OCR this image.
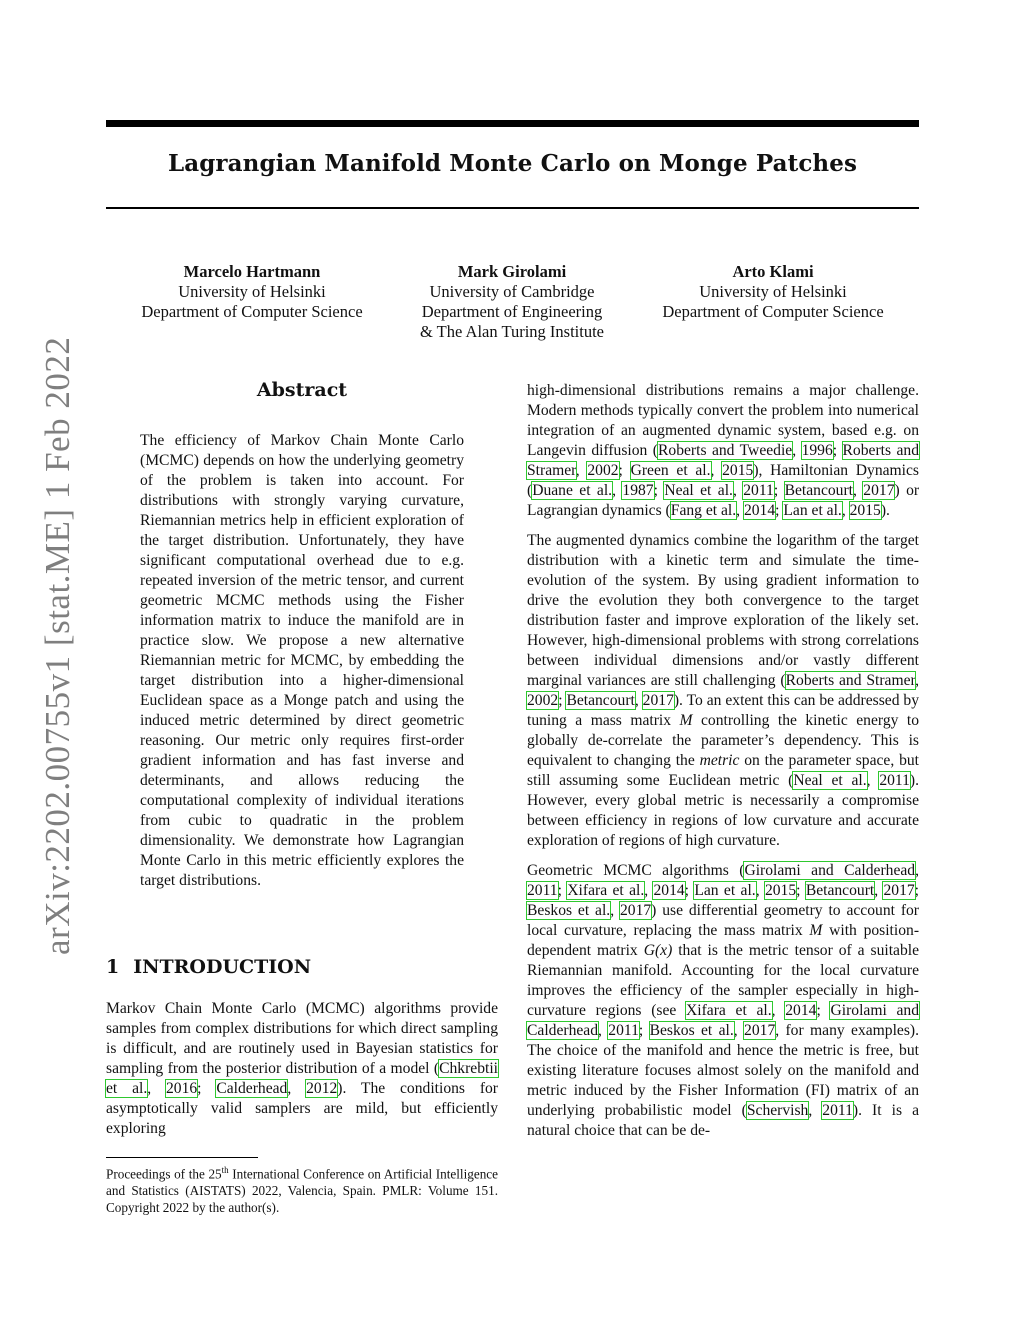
Lagrangian Manifold Monte Carlo on Monge Patches
arXiv:2202.00755v1 [stat.ME] 1 Feb 2022
Marcelo Hartmann
University of Helsinki
Department of Computer Science
Mark Girolami
University of Cambridge
Department of Engineering
& The Alan Turing Institute
Arto Klami
University of Helsinki
Department of Computer Science
Abstract
The efficiency of Markov Chain Monte Carlo (MCMC) depends on how the underlying geometry of the problem is taken into account. For distributions with strongly varying curvature, Riemannian metrics help in efficient exploration of the target distribution. Unfortunately, they have significant computational overhead due to e.g. repeated inversion of the metric tensor, and current geometric MCMC methods using the Fisher information matrix to induce the manifold are in practice slow. We propose a new alternative Riemannian metric for MCMC, by embedding the target distribution into a higher-dimensional Euclidean space as a Monge patch and using the induced metric determined by direct geometric reasoning. Our metric only requires first-order gradient information and has fast inverse and determinants, and allows reducing the computational complexity of individual iterations from cubic to quadratic in the problem dimensionality. We demonstrate how Lagrangian Monte Carlo in this metric efficiently explores the target distributions.
1 INTRODUCTION
Markov Chain Monte Carlo (MCMC) algorithms provide samples from complex distributions for which direct sampling is difficult, and are routinely used in Bayesian statistics for sampling from the posterior distribution of a model (Chkrebtii et al., 2016; Calderhead, 2012). The conditions for asymptotically valid samplers are mild, but efficiently exploring
Proceedings of the 25th International Conference on Artificial Intelligence and Statistics (AISTATS) 2022, Valencia, Spain. PMLR: Volume 151. Copyright 2022 by the author(s).

high-dimensional distributions remains a major challenge. Modern methods typically convert the problem into numerical integration of an augmented dynamic system, based e.g. on Langevin diffusion (Roberts and Tweedie, 1996; Roberts and Stramer, 2002; Green et al., 2015), Hamiltonian Dynamics (Duane et al., 1987; Neal et al., 2011; Betancourt, 2017) or Lagrangian dynamics (Fang et al., 2014; Lan et al., 2015).

The augmented dynamics combine the logarithm of the target distribution with a kinetic term and simulate the time-evolution of the system. By using gradient information to drive the evolution they both convergence to the target distribution faster and improve exploration of the likely set. However, high-dimensional problems with strong correlations between individual dimensions and/or vastly different marginal variances are still challenging (Roberts and Stramer, 2002; Betancourt, 2017). To an extent this can be addressed by tuning a mass matrix M controlling the kinetic energy to globally de-correlate the parameter’s dependency. This is equivalent to changing the metric on the parameter space, but still assuming some Euclidean metric (Neal et al., 2011). However, every global metric is necessarily a compromise between efficiency in regions of low curvature and accurate exploration of regions of high curvature.

Geometric MCMC algorithms (Girolami and Calderhead, 2011; Xifara et al., 2014; Lan et al., 2015; Betancourt, 2017; Beskos et al., 2017) use differential geometry to account for local curvature, replacing the mass matrix M with position-dependent matrix G(x) that is the metric tensor of a suitable Riemannian manifold. Accounting for the local curvature improves the efficiency of the sampler especially in high-curvature regions (see Xifara et al., 2014; Girolami and Calderhead, 2011; Beskos et al., 2017, for many examples). The choice of the manifold and hence the metric is free, but existing literature focuses almost solely on the manifold and metric induced by the Fisher Information (FI) matrix of an underlying probabilistic model (Schervish, 2011). It is a natural choice that can be de-
